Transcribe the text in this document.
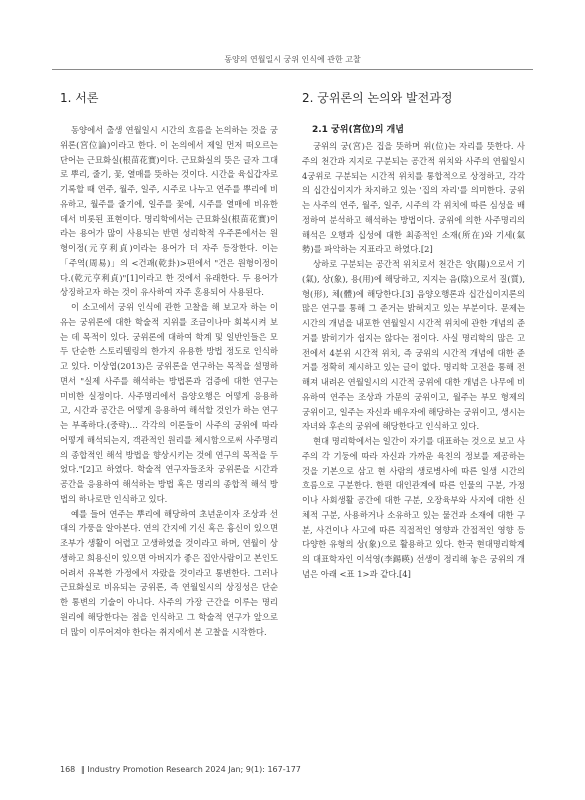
동양의 연월일시 궁위 인식에 관한 고찰
1. 서론

동양에서 출생 연월일시 시간의 흐름을 논의하는 것을 궁위론(宮位論)이라고 한다. 이 논의에서 제일 먼저 떠오르는 단어는 근묘화실(根苗花實)이다. 근묘화실의 뜻은 글자 그대로 뿌리, 줄기, 꽃, 열매를 뜻하는 것이다. 시간을 육십갑자로 기록할 때 연주, 월주, 일주, 시주로 나누고 연주를 뿌리에 비유하고, 월주를 줄기에, 일주를 꽃에, 시주를 열매에 비유한 데서 비롯된 표현이다. 명리학에서는 근묘화실(根苗花實)이라는 용어가 많이 사용되는 반면 성리학적 우주론에서는 원형이정(元亨利貞)이라는 용어가 더 자주 등장한다. 이는 「주역(周易)」의 <건괘(乾卦)>편에서 "건은 원형이정이다.(乾元亨利貞)"[1]이라고 한 것에서 유래한다. 두 용어가 상징하고자 하는 것이 유사하여 자주 혼용되어 사용된다.

이 소고에서 궁위 인식에 관한 고찰을 해 보고자 하는 이유는 궁위론에 대한 학술적 지위를 조금이나마 회복시켜 보는 데 목적이 있다. 궁위론에 대하여 학계 및 일반인들은 모두 단순한 스토리텔링의 한가지 유용한 방법 정도로 인식하고 있다. 이상엽(2013)은 궁위론을 연구하는 목적을 설명하면서 "실제 사주를 해석하는 방법론과 검증에 대한 연구는 미비한 실정이다. 사주명리에서 음양오행은 어떻게 응용하고, 시간과 공간은 어떻게 응용하여 해석할 것인가 하는 연구는 부족하다.(중략)… 각각의 이론들이 사주의 궁위에 따라 어떻게 해석되는지, 객관적인 원리를 체시함으로써 사주명리의 종합적인 해석 방법을 향상시키는 것에 연구의 목적을 두었다."[2]고 하였다. 학술적 연구자들조차 궁위론을 시간과 공간을 응용하여 해석하는 방법 혹은 명리의 종합적 해석 방법의 하나로만 인식하고 있다.

예를 들어 연주는 뿌리에 해당하여 초년운이자 조상과 선대의 가풍을 알아본다. 연의 간지에 기신 혹은 흉신이 있으면 조부가 생활이 어렵고 고생하였을 것이라고 하며, 연월이 상생하고 희용신이 있으면 아버지가 좋은 집안사람이고 본인도 어려서 유복한 가정에서 자랐을 것이라고 통변한다. 그러나 근묘화실로 비유되는 궁위론, 즉 연월일시의 상징성은 단순한 통변의 기술이 아니다. 사주의 가장 근간을 이루는 명리 원리에 해당한다는 점을 인식하고 그 학술적 연구가 앞으로 더 많이 이루어져야 한다는 취지에서 본 고찰을 시작한다.

2. 궁위론의 논의와 발전과정
2.1 궁위(宮位)의 개념

궁위의 궁(宮)은 집을 뜻하며 위(位)는 자리를 뜻한다. 사주의 천간과 지지로 구분되는 공간적 위치와 사주의 연월일시 4궁위로 구분되는 시간적 위치를 통합적으로 상정하고, 각각의 십간십이지가 차지하고 있는 '집의 자리'를 의미한다. 궁위는 사주의 연주, 월주, 일주, 시주의 각 위치에 따른 심성을 배정하여 분석하고 해석하는 방법이다. 궁위에 의한 사주명리의 해석은 오행과 십성에 대한 최종적인 소재(所在)와 기세(氣勢)를 파악하는 지표라고 하였다.[2]

상하로 구분되는 공간적 위치로서 천간은 양(陽)으로서 기(氣), 상(象), 용(用)에 해당하고, 지지는 음(陰)으로서 질(質), 형(形), 체(體)에 해당한다.[3] 음양오행론과 십간십이지론의 많은 연구를 통해 그 준거는 밝혀지고 있는 부분이다. 문제는 시간의 개념을 내포한 연월일시 시간적 위치에 관한 개념의 준거를 밝히기가 쉽지는 않다는 점이다. 사실 명리학의 많은 고전에서 4분위 시간적 위치, 즉 궁위의 시간적 개념에 대한 준거를 정확히 제시하고 있는 글이 없다. 명리학 고전을 통해 전해져 내려온 연월일시의 시간적 궁위에 대한 개념은 나무에 비유하여 연주는 조상과 가문의 궁위이고, 월주는 부모 형제의 궁위이고, 일주는 자신과 배우자에 해당하는 궁위이고, 생시는 자녀와 후손의 궁위에 해당한다고 인식하고 있다.

현대 명리학에서는 일간이 자기를 대표하는 것으로 보고 사주의 각 기둥에 따라 자신과 가까운 육친의 정보를 제공하는 것을 기본으로 삼고 현 사람의 생로병사에 따른 일생 시간의 흐름으로 구분한다. 한편 대인관계에 따른 인물의 구분, 가정이나 사회생활 공간에 대한 구분, 오장육부와 사지에 대한 신체적 구분, 사용하거나 소유하고 있는 물건과 소재에 대한 구분, 사건이나 사고에 따른 직접적인 영향과 간접적인 영향 등 다양한 유형의 상(象)으로 활용하고 있다. 한국 현대명리학계의 대표학자인 이석영(李錫暎) 선생이 정리해 놓은 궁위의 개념은 아래 <표 1>과 같다.[4]

168 ‖ Industry Promotion Research 2024 Jan; 9(1): 167-177
